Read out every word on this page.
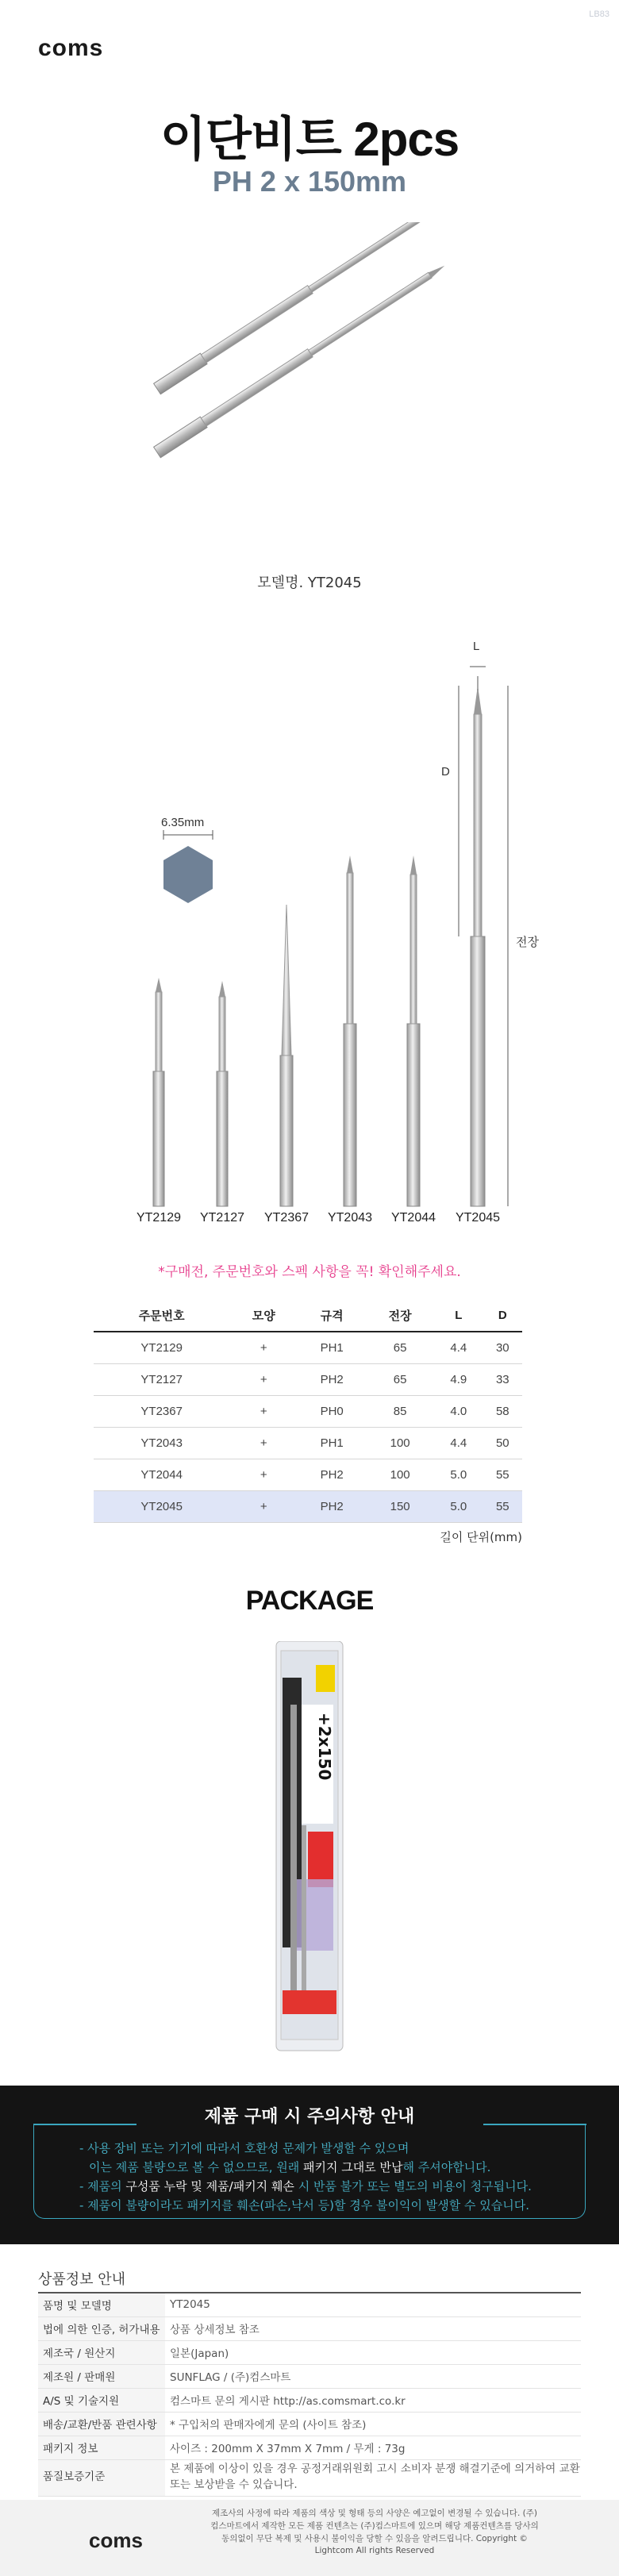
coms
LB83
이단비트 2pcs
PH 2 x 150mm
모델명. YT2045
6.35mm
L
D
전장
YT2129	YT2127	YT2367	YT2043	YT2044	YT2045
*구매전, 주문번호와 스펙 사항을 꼭! 확인해주세요.
주문번호	모양	규격	전장	L	D
YT2129	+	PH1	65	4.4	30
YT2127	+	PH2	65	4.9	33
YT2367	+	PH0	85	4.0	58
YT2043	+	PH1	100	4.4	50
YT2044	+	PH2	100	5.0	55
YT2045	+	PH2	150	5.0	55
길이 단위(mm)
PACKAGE
+2x150
제품 구매 시 주의사항 안내
- 사용 장비 또는 기기에 따라서 호환성 문제가 발생할 수 있으며
이는 제품 불량으로 볼 수 없으므로, 원래 패키지 그대로 반납해 주셔야합니다.
- 제품의 구성품 누락 및 제품/패키지 훼손 시 반품 불가 또는 별도의 비용이 청구됩니다.
- 제품이 불량이라도 패키지를 훼손(파손,낙서 등)할 경우 불이익이 발생할 수 있습니다.
상품정보 안내
품명 및 모델명	YT2045
법에 의한 인증, 허가내용	상품 상세정보 참조
제조국 / 원산지	일본(Japan)
제조원 / 판매원	SUNFLAG / (주)컴스마트
A/S 및 기술지원	컴스마트 문의 게시판 http://as.comsmart.co.kr
배송/교환/반품 관련사항	* 구입처의 판매자에게 문의 (사이트 참조)
패키지 정보	사이즈 : 200mm X 37mm X 7mm / 무게 : 73g
품질보증기준	본 제품에 이상이 있을 경우 공정거래위원회 고시 소비자 분쟁 해결기준에 의거하여 교환 또는 보상받을 수 있습니다.
coms
제조사의 사정에 따라 제품의 색상 및 형태 등의 사양은 예고없이 변경될 수 있습니다. (주)컴스마트에서 제작한 모든 제품 컨텐츠는 (주)컴스마트에 있으며 해당 제품컨텐츠를 당사의 동의없이 무단 복제 및 사용시 불이익을 당할 수 있음을 알려드립니다. Copyright © Lightcom All rights Reserved
